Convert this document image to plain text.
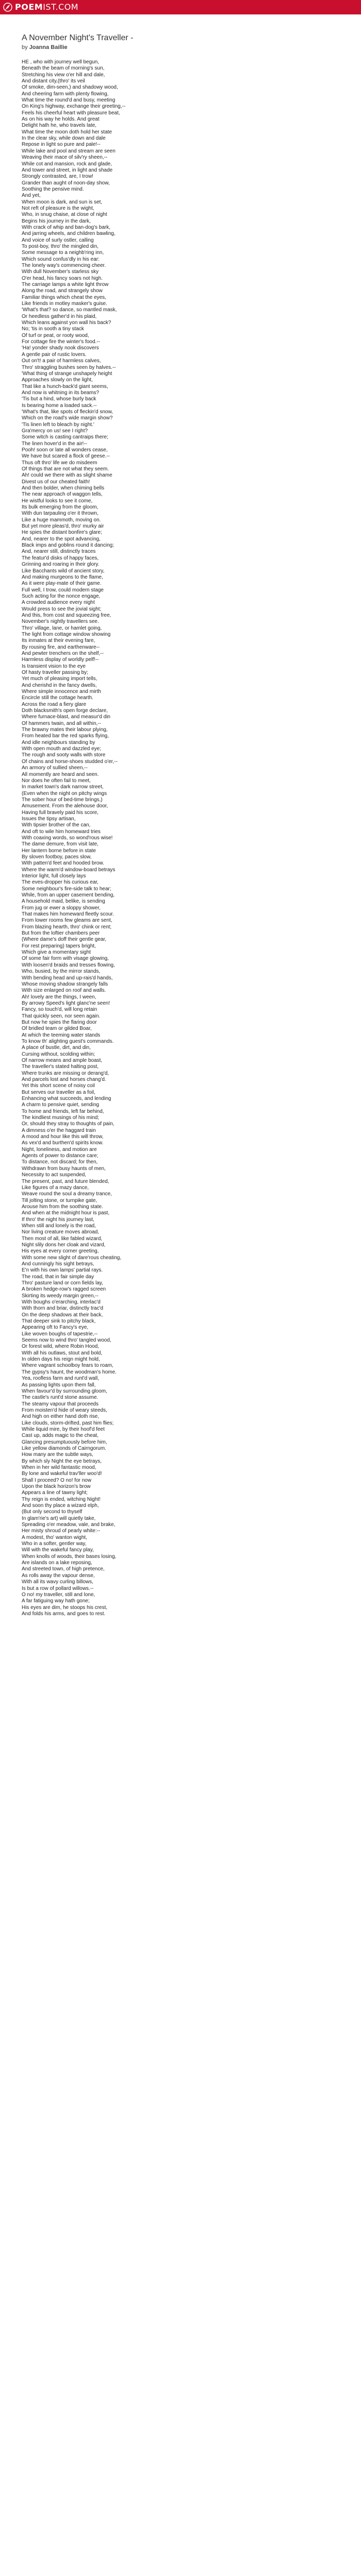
POEM IST.COM
A November Night's Traveller -
by Joanna Baillie
HE , who with journey well begun,
Beneath the beam of morning's sun,
Stretching his view o'er hill and dale,
And distant city,(thro' its veil
Of smoke, dim-seen,) and shadowy wood,
And cheering farm with plenty flowing,
What time the round'd and busy, meeting
On King's highway, exchange their greeting,--
Feels his cheerful heart with pleasure beat,
As on his way he holds. And great
Delight hath he, who travels late,
What time the moon doth hold her state
In the clear sky, while down and dale
Repose in light so pure and pale!--
While lake and pool and stream are seen
Weaving their mace of silv'ry sheen,--
While cot and mansion, rock and glade,
And tower and street, in light and shade
Strongly contrasted, are, I trow!
Grander than aught of noon-day show,
Soothing the pensive mind.
And yet,
When moon is dark, and sun is set,
Not reft of pleasure is the wight,
Who, in snug chaise, at close of night
Begins his journey in the dark,
With crack of whip and ban-dog's bark,
And jarring wheels, and children bawling,
And voice of surly ostler, calling
To post-boy, thro' the mingled din,
Some message to a neighb'ring inn,
Which sound confus'dly in his ear:
The lonely way's commencing cheer.
With dull November's starless sky
O'er head, his fancy soars not high.
The carriage lamps a white light throw
Along the road, and strangely show
Familiar things which cheat the eyes,
Like friends in motley masker's guise.
'What's that? so dance, so mantled mask,
Or heedless gather'd in his plaid,
Which leans against yon wall his back?
No; 'tis in sooth a tiny stack
Of turf or peat, or rooty wood,
For cottage fire the winter's food.--
'Ha! yonder shady nook discovers
A gentle pair of rustic lovers.
Out on't! a pair of harmless calves,
Thro' straggling bushes seen by halves.--
'What thing of strange unshapely height
Approaches slowly on the light,
That like a hunch-back'd giant seems,
And now is whitning in its beams?
'Tis but a hind, whose burly back
Is bearing home a loaded sack.--
'What's that, like spots of fleckin'd snow,
Which on the road's wide margin show?
'Tis linen left to bleach by night.'
Gra'mercy on us! see I right?
Some witch is casting cantraips there;
The linen hover'd in the air!--
Pooh! soon or late all wonders cease,
We have but scared a flock of geese.--
Thus oft thro' life we do misdeem
Of things that are not what they seem.
Ah! could we there with as slight shame
Divest us of our cheated faith!
And then bolder, when chiming bells
The near approach of waggon tells,
He wistful looks to see it come,
Its bulk emerging from the gloom,
With dun tarpauling o'er it thrown,
Like a huge mammoth, moving on.
But yet more pleas'd, thro' murky air
He spies the distant bonfire's glare;
And, nearer to the spot advancing,
Black imps and goblins round it dancing;
And, nearer still, distinctly traces
The featur'd disks of happy faces,
Grinning and roaring in their glory.
Like Bacchants wild of ancient story,
And making murgeons to the flame,
As it were play-mate of their game.
Full well, I trow, could modern stage
Such acting for the nonce engage,
A crowded audience every night
Would press to see the jovial sight;
And this, from cost and squeezing free,
November's nightly travellers see.
Thro' village, lane, or hamlet going,
The light from cottage window showing
Its inmates at their evening fare,
By rousing fire, and earthenware--
And pewter trenchers on the shelf,--
Harmless display of worldly pelf!--
Is transient vision to the eye
Of hasty traveller passing by;
Yet much of pleasing import tells,
And cherishd in the fancy dwells,
Where simple innocence and mirth
Encircle still the cottage hearth.
Across the road a fiery glare
Doth blacksmith's open forge declare,
Where furnace-blast, and measur'd din
Of hammers twain, and all within,--
The brawny mates their labour plying,
From heated bar the red sparks flying,
And idle neighbours standing by
With open mouth and dazzled eye;
The rough and sooty walls with store
Of chains and horse-shoes studded o'er,--
An armory of sullied sheen,--
All momently are heard and seen.
Nor does he often fail to meet,
In market town's dark narrow street,
(Even when the night on pitchy wings
The sober hour of bed-time brings,)
Amusement. From the alehouse door,
Having full bravely paid his score,
Issues the tipsy artisan,
With tipsier brother of the can,
And oft to wile him homeward tries
With coaxing words, so wond'rous wise!
The dame demure, from visit late,
Her lantern borne before in state
By sloven footboy, paces slow,
With patten'd feet and hooded brow.
Where the warm'd window-board betrays
Interior light, full closely lays
The eves-dropper his curious ear,
Some neighbour's fire-side talk to hear;
While, from an upper casement bending,
A household maid, belike, is sending
From jug or ewer a sloppy shower,
That makes him homeward fleetly scour.
From lower rooms few gleams are sent,
From blazing hearth, thro' chink or rent;
But from the loftier chambers peer
(Where dame's doff their gentle gear,
For rest preparing) tapers bright,
Which give a momentary sight
Of some fair form with visage glowing,
With loosen'd braids and tresses flowing,
Who, busied, by the mirror stands,
With bending head and up-rais'd hands,
Whose moving shadow strangely falls
With size enlarged on roof and walls.
Ah! lovely are the things, I ween,
By arrowy Speed's light glanc'ne seen!
Fancy, so touch'd, will long retain
That quickly seen, nor seen again.
But now he spies the flaring door
Of bridled team or gilded Boar,
At which the teeming water stands
To know th' alighting guest's commands.
A place of bustle, dirt, and din,
Cursing without, scolding within;
Of narrow means and ample boast,
The traveller's stated halting post,
Where trunks are missing or derang'd,
And parcels lost and horses chang'd.
Yet this short scene of noisy coil
But serves our traveller as a foil,
Enhancing what succeeds, and lending
A charm to pensive quiet, sending
To home and friends, left far behind,
The kindliest musings of his mind;
Or, should they stray to thoughts of pain,
A dimness o'er the haggard train
A mood and hour like this will throw,
As vex'd and burthen'd spirits know.
Night, loneliness, and motion are
Agents of power to distance care;
To distance, not discard; for then,
Withdrawn from busy haunts of men,
Necessity to act suspended,
The present, past, and future blended,
Like figures of a mazy dance,
Weave round the soul a dreamy trance,
Till jolting stone, or turnpike gate,
Arouse him from the soothing state.
And when at the midnight hour is past,
If thro' the night his journey last,
When still and lonely is the road,
Nor living creature moves abroad,
Then most of all, like fabled wizard,
Night slily dons her cloak and vizard,
His eyes at every corner greeting,
With some new slight of dare'rous cheating,
And cunningly his sight betrays,
E'n with his own lamps' partial rays.
The road, that in fair simple day
Thro' pasture land or corn fields lay,
A broken hedge-row's ragged screen
Skirting its weedy margin green,--
With boughs o'erarching, interlac'd
With thorn and briar, distinctly trac'd
On the deep shadows at their back,
That deeper sink to pitchy black,
Appearing oft to Fancy's eye,
Like woven boughs of tapestrie,--
Seems now to wind thro' tangled wood,
Or forest wild, where Robin Hood,
With all his outlaws, stout and bold,
In olden days his reign might hold,
Where vagrant schoolboy fears to roam,
The gypsy's haunt, the woodman's home.
Yea, roofless farm and runt'd wall,
As passing lights upon them fall,
When favour'd by surrounding gloom,
The castle's runt'd stone assume.
The steamy vapour that proceeds
From moisten'd hide of weary steeds,
And high on either hand doth rise,
Like clouds, storm-drifted, past him flies;
While liquid mire, by their hoof'd feet
Cast up, adds magic to the cheat,
Glancing presumptuously before him,
Like yellow diamonds of Cairngorum.
How many are the subtle ways,
By which sly Night the eye betrays,
When in her wild fantastic mood,
By lone and wakeful trav'ller woo'd!
Shall I proceed? O no! for now
Upon the black horizon's brow
Appears a line of tawny light;
Thy reign is ended, witching Night!
And soon thy place a wizard elph,
(But only second to thyself
In glam'rie's art) will quietly take,
Spreading o'er meadow, vale, and brake,
Her misty shroud of pearly white:--
A modest, tho' wanton wight,
Who in a softer, gentler way,
Will with the wakeful fancy play,
When knolls of woods, their bases losing,
Are islands on a lake reposing,
And streeted town, of high pretence,
As rolls away the vapour dense,
With all its wavy curling billows,
Is but a row of pollard willows.--
O no! my traveller, still and lone,
A far fatiguing way hath gone;
His eyes are dim, he stoops his crest,
And folds his arms, and goes to rest.
